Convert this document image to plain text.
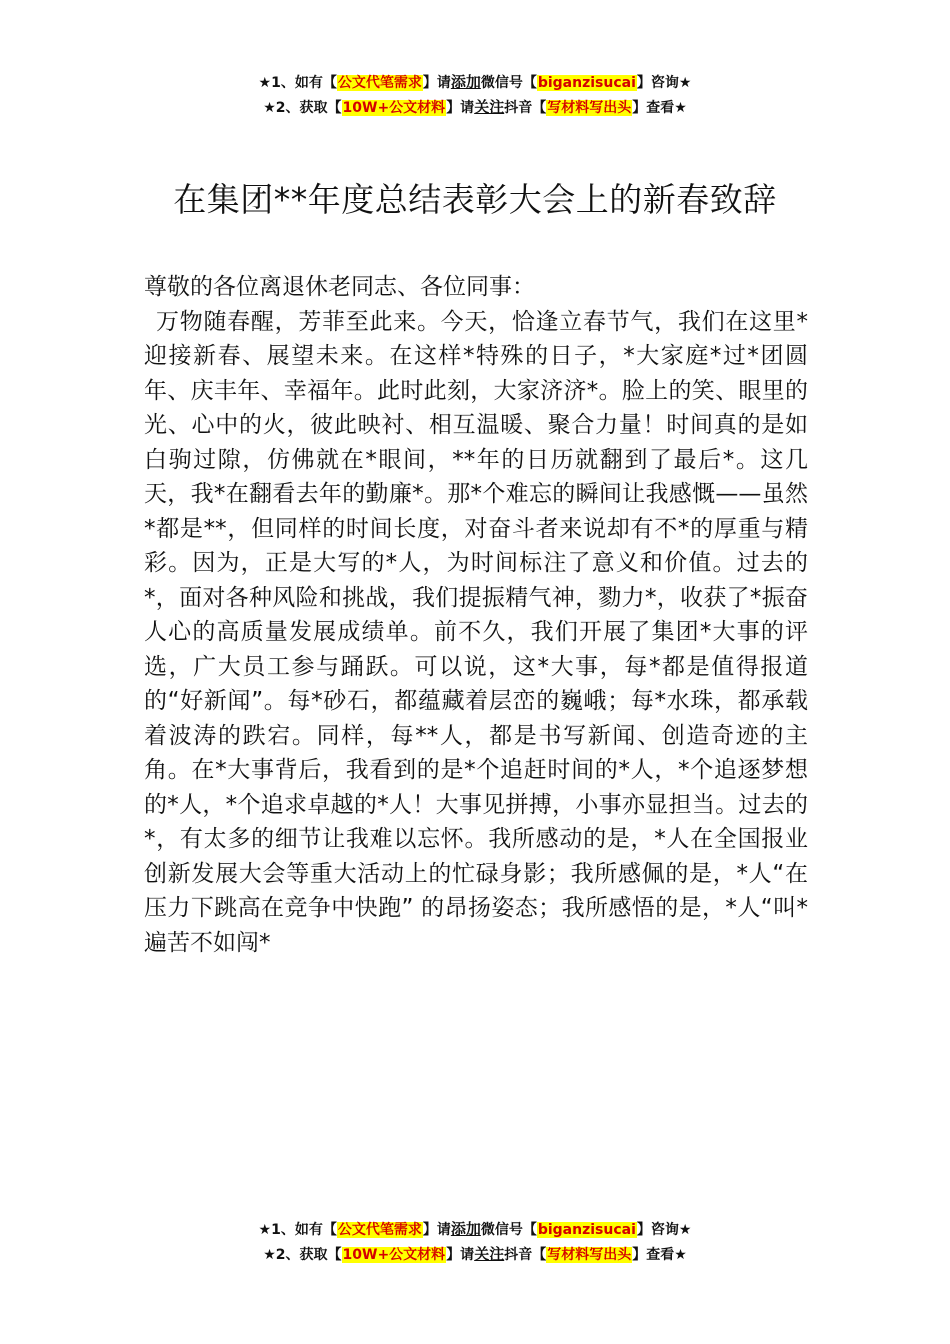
★1、如有【公文代笔需求】请添加微信号【biganzisucai】咨询★
★2、获取【10W+公文材料】请关注抖音【写材料写出头】查看★
在集团**年度总结表彰大会上的新春致辞

尊敬的各位离退休老同志、各位同事：

万物随春醒，芳菲至此来。今天，恰逢立春节气，我们在这里*迎接新春、展望未来。在这样*特殊的日子，*大家庭*过*团圆年、庆丰年、幸福年。此时此刻，大家济济*。脸上的笑、眼里的光、心中的火，彼此映衬、相互温暖、聚合力量！时间真的是如白驹过隙，仿佛就在*眼间，**年的日历就翻到了最后*。这几天，我*在翻看去年的勤廉*。那*个难忘的瞬间让我感慨——虽然*都是**，但同样的时间长度，对奋斗者来说却有不*的厚重与精彩。因为，正是大写的*人，为时间标注了意义和价值。过去的*，面对各种风险和挑战，我们提振精气神，勠力*，收获了*振奋人心的高质量发展成绩单。前不久，我们开展了集团*大事的评选，广大员工参与踊跃。可以说，这*大事，每*都是值得报道的“好新闻”。每*砂石，都蕴藏着层峦的巍峨；每*水珠，都承载着波涛的跌宕。同样，每**人，都是书写新闻、创造奇迹的主角。在*大事背后，我看到的是*个追赶时间的*人，*个追逐梦想的*人，*个追求卓越的*人！大事见拼搏，小事亦显担当。过去的*，有太多的细节让我难以忘怀。我所感动的是，*人在全国报业创新发展大会等重大活动上的忙碌身影；我所感佩的是，*人“在压力下跳高在竞争中快跑” 的昂扬姿态；我所感悟的是，*人“叫*遍苦不如闯*

★1、如有【公文代笔需求】请添加微信号【biganzisucai】咨询★
★2、获取【10W+公文材料】请关注抖音【写材料写出头】查看★
